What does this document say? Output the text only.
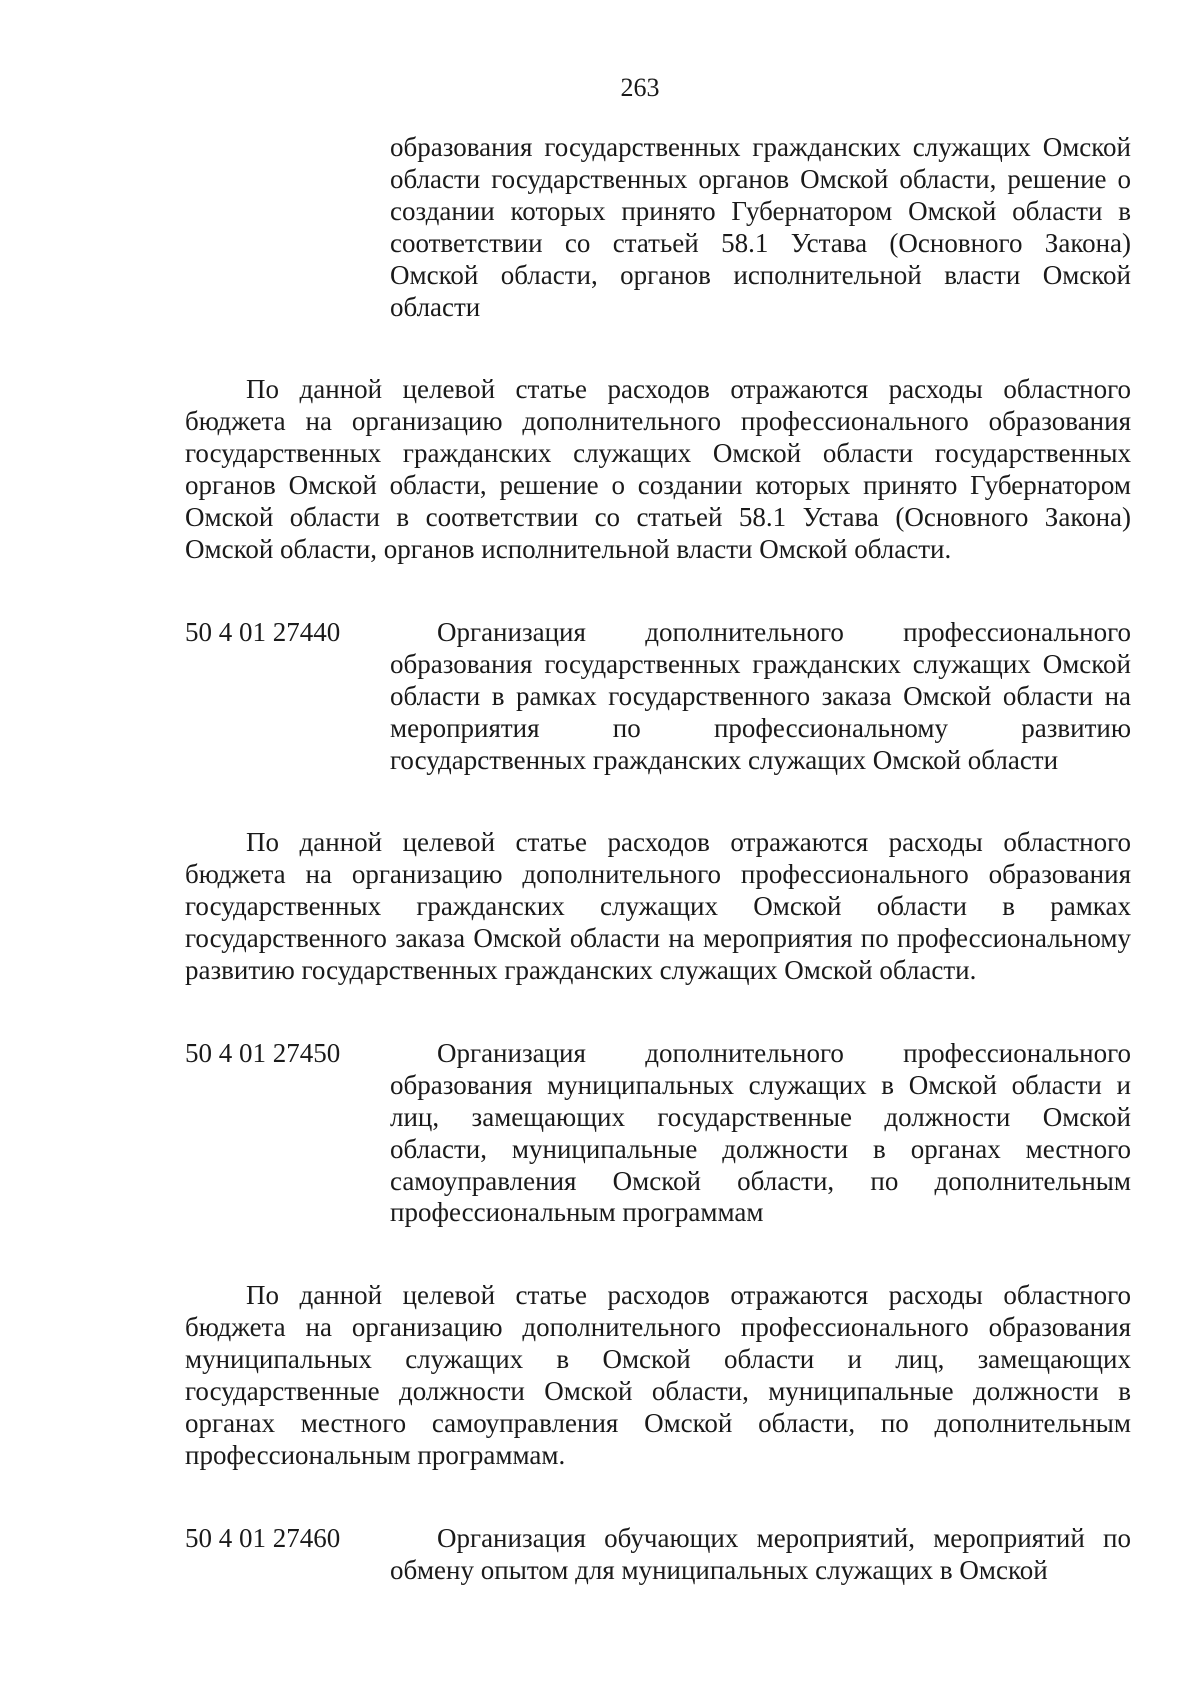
263
образования государственных гражданских служащих Омской области государственных органов Омской области, решение о создании которых принято Губернатором Омской области в соответствии со статьей 58.1 Устава (Основного Закона) Омской области, органов исполнительной власти Омской области
По данной целевой статье расходов отражаются расходы областного бюджета на организацию дополнительного профессионального образования государственных гражданских служащих Омской области государственных органов Омской области, решение о создании которых принято Губернатором Омской области в соответствии со статьей 58.1 Устава (Основного Закона) Омской области, органов исполнительной власти Омской области.
50 4 01 27440	Организация дополнительного профессионального образования государственных гражданских служащих Омской области в рамках государственного заказа Омской области на мероприятия по профессиональному развитию государственных гражданских служащих Омской области
По данной целевой статье расходов отражаются расходы областного бюджета на организацию дополнительного профессионального образования государственных гражданских служащих Омской области в рамках государственного заказа Омской области на мероприятия по профессиональному развитию государственных гражданских служащих Омской области.
50 4 01 27450	Организация дополнительного профессионального образования муниципальных служащих в Омской области и лиц, замещающих государственные должности Омской области, муниципальные должности в органах местного самоуправления Омской области, по дополнительным профессиональным программам
По данной целевой статье расходов отражаются расходы областного бюджета на организацию дополнительного профессионального образования муниципальных служащих в Омской области и лиц, замещающих государственные должности Омской области, муниципальные должности в органах местного самоуправления Омской области, по дополнительным профессиональным программам.
50 4 01 27460	Организация обучающих мероприятий, мероприятий по обмену опытом для муниципальных служащих в Омской
